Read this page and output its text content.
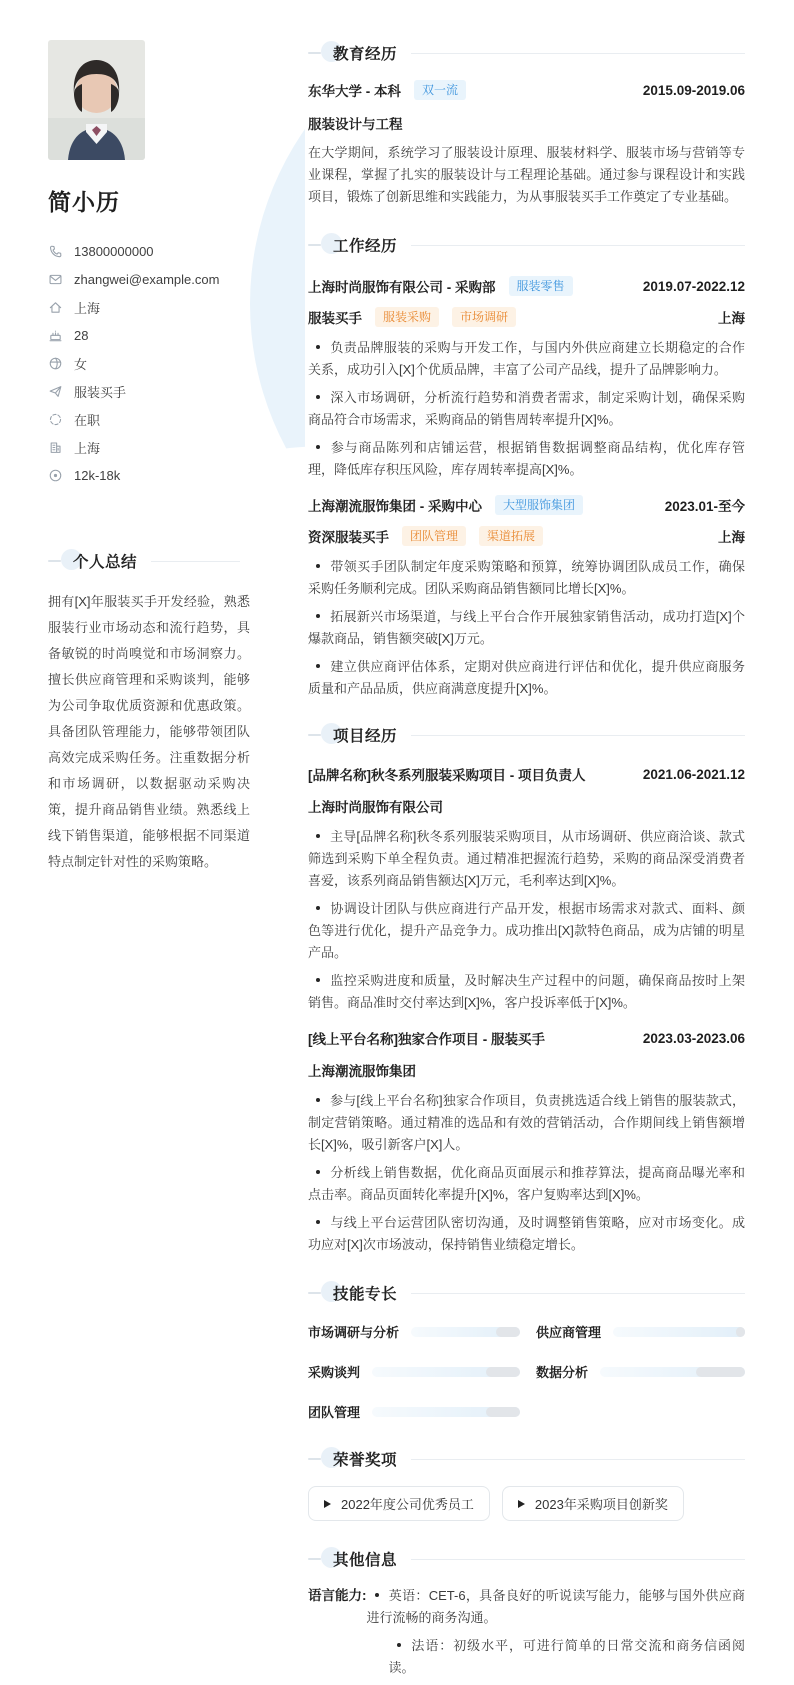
简小历
13800000000
zhangwei@example.com
上海
28
女
服装买手
在职
上海
12k-18k
个人总结
拥有[X]年服装买手开发经验，熟悉服装行业市场动态和流行趋势，具备敏锐的时尚嗅觉和市场洞察力。擅长供应商管理和采购谈判，能够为公司争取优质资源和优惠政策。具备团队管理能力，能够带领团队高效完成采购任务。注重数据分析和市场调研，以数据驱动采购决策，提升商品销售业绩。熟悉线上线下销售渠道，能够根据不同渠道特点制定针对性的采购策略。
教育经历
东华大学 - 本科	双一流	2015.09-2019.06
服装设计与工程

在大学期间，系统学习了服装设计原理、服装材料学、服装市场与营销等专业课程，掌握了扎实的服装设计与工程理论基础。通过参与课程设计和实践项目，锻炼了创新思维和实践能力，为从事服装买手工作奠定了专业基础。

工作经历
上海时尚服饰有限公司 - 采购部	服装零售	2019.07-2022.12
服装买手	服装采购	市场调研	上海

负责品牌服装的采购与开发工作，与国内外供应商建立长期稳定的合作关系，成功引入[X]个优质品牌，丰富了公司产品线，提升了品牌影响力。

深入市场调研，分析流行趋势和消费者需求，制定采购计划，确保采购商品符合市场需求，采购商品的销售周转率提升[X]%。

参与商品陈列和店铺运营，根据销售数据调整商品结构，优化库存管理，降低库存积压风险，库存周转率提高[X]%。

上海潮流服饰集团 - 采购中心	大型服饰集团	2023.01-至今
资深服装买手	团队管理	渠道拓展	上海

带领买手团队制定年度采购策略和预算，统筹协调团队成员工作，确保采购任务顺利完成。团队采购商品销售额同比增长[X]%。

拓展新兴市场渠道，与线上平台合作开展独家销售活动，成功打造[X]个爆款商品，销售额突破[X]万元。

建立供应商评估体系，定期对供应商进行评估和优化，提升供应商服务质量和产品品质，供应商满意度提升[X]%。

项目经历
[品牌名称]秋冬系列服装采购项目 - 项目负责人	2021.06-2021.12
上海时尚服饰有限公司

主导[品牌名称]秋冬系列服装采购项目，从市场调研、供应商洽谈、款式筛选到采购下单全程负责。通过精准把握流行趋势，采购的商品深受消费者喜爱，该系列商品销售额达[X]万元，毛利率达到[X]%。

协调设计团队与供应商进行产品开发，根据市场需求对款式、面料、颜色等进行优化，提升产品竞争力。成功推出[X]款特色商品，成为店铺的明星产品。

监控采购进度和质量，及时解决生产过程中的问题，确保商品按时上架销售。商品准时交付率达到[X]%，客户投诉率低于[X]%。

[线上平台名称]独家合作项目 - 服装买手	2023.03-2023.06
上海潮流服饰集团

参与[线上平台名称]独家合作项目，负责挑选适合线上销售的服装款式，制定营销策略。通过精准的选品和有效的营销活动，合作期间线上销售额增长[X]%，吸引新客户[X]人。

分析线上销售数据，优化商品页面展示和推荐算法，提高商品曝光率和点击率。商品页面转化率提升[X]%，客户复购率达到[X]%。

与线上平台运营团队密切沟通，及时调整销售策略，应对市场变化。成功应对[X]次市场波动，保持销售业绩稳定增长。

技能专长
市场调研与分析	供应商管理
采购谈判	数据分析
团队管理
荣誉奖项
2022年度公司优秀员工	2023年采购项目创新奖
其他信息
语言能力:	英语：CET-6，具备良好的听说读写能力，能够与国外供应商进行流畅的商务沟通。

法语：初级水平，可进行简单的日常交流和商务信函阅读。
